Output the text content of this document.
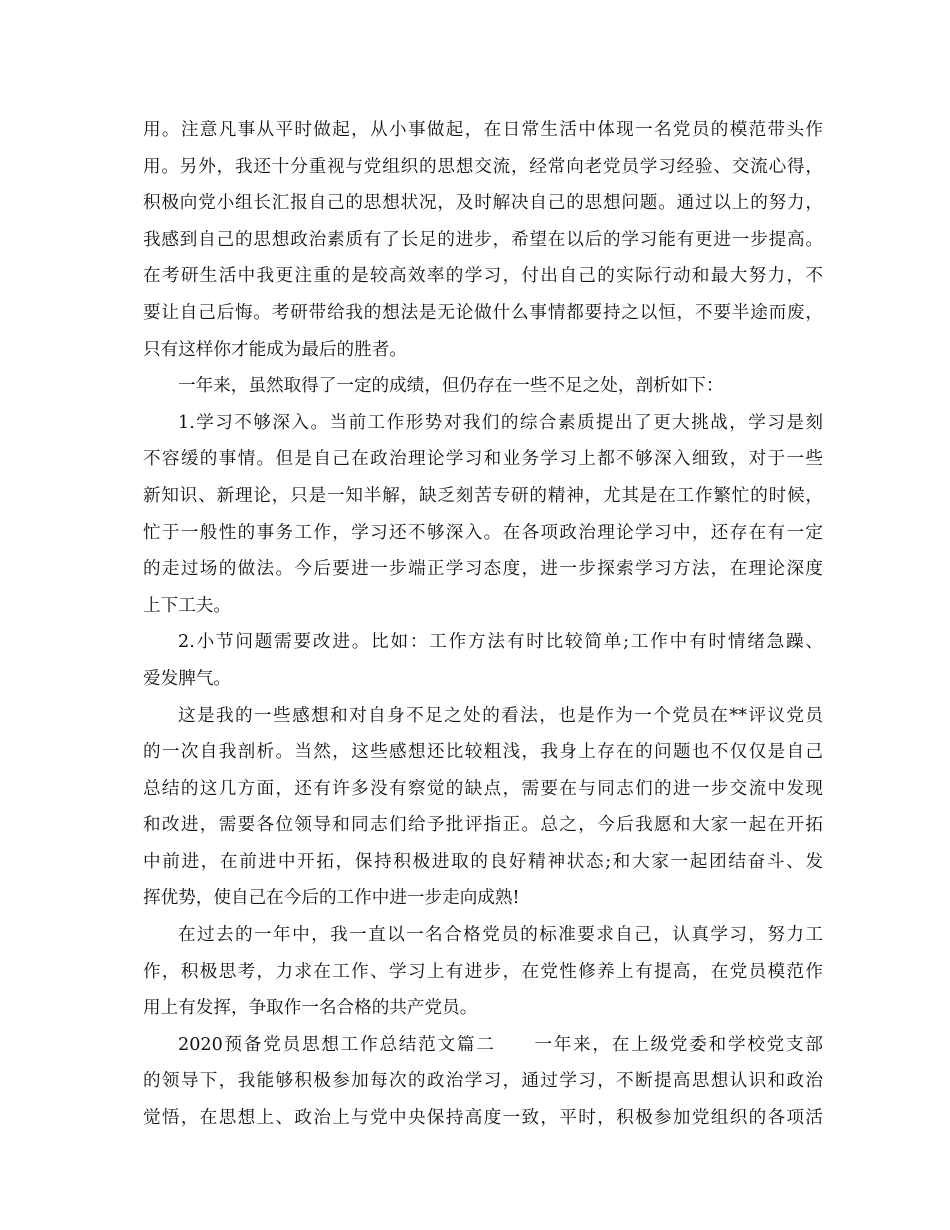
用。注意凡事从平时做起，从小事做起，在日常生活中体现一名党员的模范带头作
用。另外，我还十分重视与党组织的思想交流，经常向老党员学习经验、交流心得，
积极向党小组长汇报自己的思想状况，及时解决自己的思想问题。通过以上的努力，
我感到自己的思想政治素质有了长足的进步，希望在以后的学习能有更进一步提高。
在考研生活中我更注重的是较高效率的学习，付出自己的实际行动和最大努力，不
要让自己后悔。考研带给我的想法是无论做什么事情都要持之以恒，不要半途而废，
只有这样你才能成为最后的胜者。
一年来，虽然取得了一定的成绩，但仍存在一些不足之处，剖析如下：
1.学习不够深入。当前工作形势对我们的综合素质提出了更大挑战，学习是刻
不容缓的事情。但是自己在政治理论学习和业务学习上都不够深入细致，对于一些
新知识、新理论，只是一知半解，缺乏刻苦专研的精神，尤其是在工作繁忙的时候，
忙于一般性的事务工作，学习还不够深入。在各项政治理论学习中，还存在有一定
的走过场的做法。今后要进一步端正学习态度，进一步探索学习方法，在理论深度
上下工夫。
2.小节问题需要改进。比如：工作方法有时比较简单;工作中有时情绪急躁、
爱发脾气。
这是我的一些感想和对自身不足之处的看法，也是作为一个党员在**评议党员
的一次自我剖析。当然，这些感想还比较粗浅，我身上存在的问题也不仅仅是自己
总结的这几方面，还有许多没有察觉的缺点，需要在与同志们的进一步交流中发现
和改进，需要各位领导和同志们给予批评指正。总之，今后我愿和大家一起在开拓
中前进，在前进中开拓，保持积极进取的良好精神状态;和大家一起团结奋斗、发
挥优势，使自己在今后的工作中进一步走向成熟!
在过去的一年中，我一直以一名合格党员的标准要求自己，认真学习，努力工
作，积极思考，力求在工作、学习上有进步，在党性修养上有提高，在党员模范作
用上有发挥，争取作一名合格的共产党员。
2020预备党员思想工作总结范文篇二　　一年来，在上级党委和学校党支部
的领导下，我能够积极参加每次的政治学习，通过学习，不断提高思想认识和政治
觉悟，在思想上、政治上与党中央保持高度一致，平时，积极参加党组织的各项活
